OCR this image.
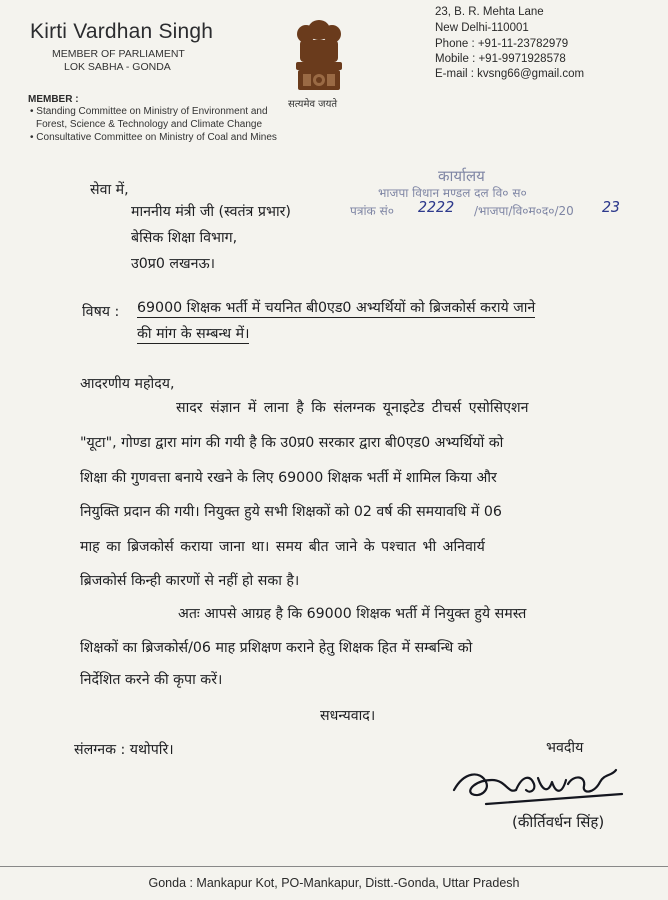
Kirti Vardhan Singh
MEMBER OF PARLIAMENT
LOK SABHA - GONDA
MEMBER :
• Standing Committee on Ministry of Environment and
Forest, Science & Technology and Climate Change
• Consultative Committee on Ministry of Coal and Mines
सत्यमेव जयते
23, B. R. Mehta Lane
New Delhi-110001
Phone : +91-11-23782979
Mobile : +91-9971928578
E-mail : kvsng66@gmail.com
कार्यालय
भाजपा विधान मण्डल दल वि० स०
पत्रांक सं० 2222 /भाजपा/वि०म०द०/20 23
सेवा में,
माननीय मंत्री जी (स्वतंत्र प्रभार)
बेसिक शिक्षा विभाग,
उ0प्र0 लखनऊ।
विषय : 69000 शिक्षक भर्ती में चयनित बी0एड0 अभ्यर्थियों को ब्रिजकोर्स कराये जाने
की मांग के सम्बन्ध में।
आदरणीय महोदय,
सादर संज्ञान में लाना है कि संलग्नक यूनाइटेड टीचर्स एसोसिएशन
"यूटा", गोण्डा द्वारा मांग की गयी है कि उ0प्र0 सरकार द्वारा बी0एड0 अभ्यर्थियों को
शिक्षा की गुणवत्ता बनाये रखने के लिए 69000 शिक्षक भर्ती में शामिल किया और
नियुक्ति प्रदान की गयी। नियुक्त हुये सभी शिक्षकों को 02 वर्ष की समयावधि में 06
माह का ब्रिजकोर्स कराया जाना था। समय बीत जाने के पश्चात भी अनिवार्य
ब्रिजकोर्स किन्ही कारणों से नहीं हो सका है।
अतः आपसे आग्रह है कि 69000 शिक्षक भर्ती में नियुक्त हुये समस्त
शिक्षकों का ब्रिजकोर्स/06 माह प्रशिक्षण कराने हेतु शिक्षक हित में सम्बन्धि को
निर्देशित करने की कृपा करें।
सधन्यवाद।
संलग्नक : यथोपरि।	भवदीय
(कीर्तिवर्धन सिंह)
Gonda : Mankapur Kot, PO-Mankapur, Distt.-Gonda, Uttar Pradesh
